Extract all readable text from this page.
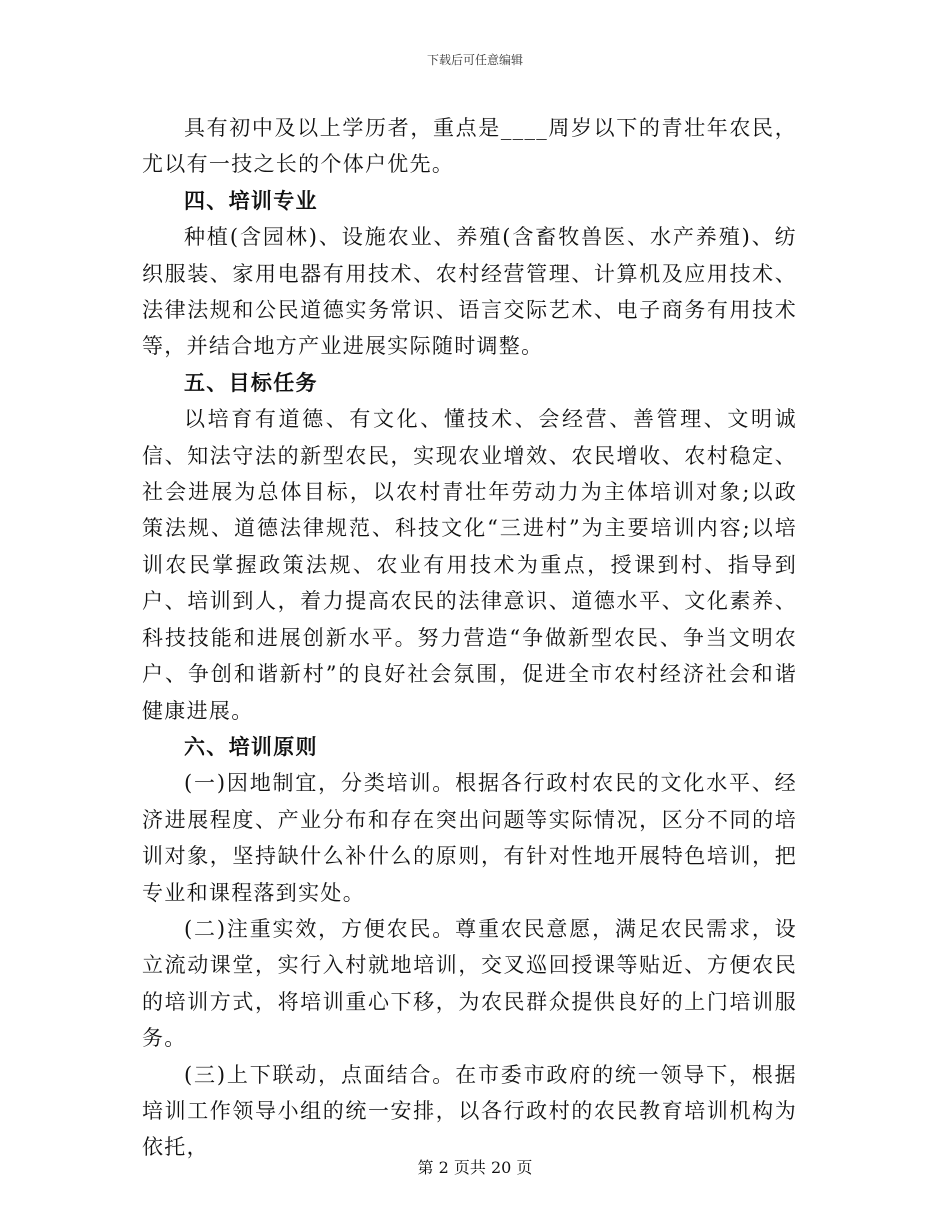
下载后可任意编辑

具有初中及以上学历者，重点是____周岁以下的青壮年农民，尤以有一技之长的个体户优先。

四、培训专业

种植(含园林)、设施农业、养殖(含畜牧兽医、水产养殖)、纺织服装、家用电器有用技术、农村经营管理、计算机及应用技术、法律法规和公民道德实务常识、语言交际艺术、电子商务有用技术等，并结合地方产业进展实际随时调整。

五、目标任务

以培育有道德、有文化、懂技术、会经营、善管理、文明诚信、知法守法的新型农民，实现农业增效、农民增收、农村稳定、社会进展为总体目标，以农村青壮年劳动力为主体培训对象;以政策法规、道德法律规范、科技文化“三进村”为主要培训内容;以培训农民掌握政策法规、农业有用技术为重点，授课到村、指导到户、培训到人，着力提高农民的法律意识、道德水平、文化素养、科技技能和进展创新水平。努力营造“争做新型农民、争当文明农户、争创和谐新村”的良好社会氛围，促进全市农村经济社会和谐健康进展。

六、培训原则

(一)因地制宜，分类培训。根据各行政村农民的文化水平、经济进展程度、产业分布和存在突出问题等实际情况，区分不同的培训对象，坚持缺什么补什么的原则，有针对性地开展特色培训，把专业和课程落到实处。

(二)注重实效，方便农民。尊重农民意愿，满足农民需求，设立流动课堂，实行入村就地培训，交叉巡回授课等贴近、方便农民的培训方式，将培训重心下移，为农民群众提供良好的上门培训服务。

(三)上下联动，点面结合。在市委市政府的统一领导下，根据培训工作领导小组的统一安排，以各行政村的农民教育培训机构为依托，

第 2 页共 20 页
